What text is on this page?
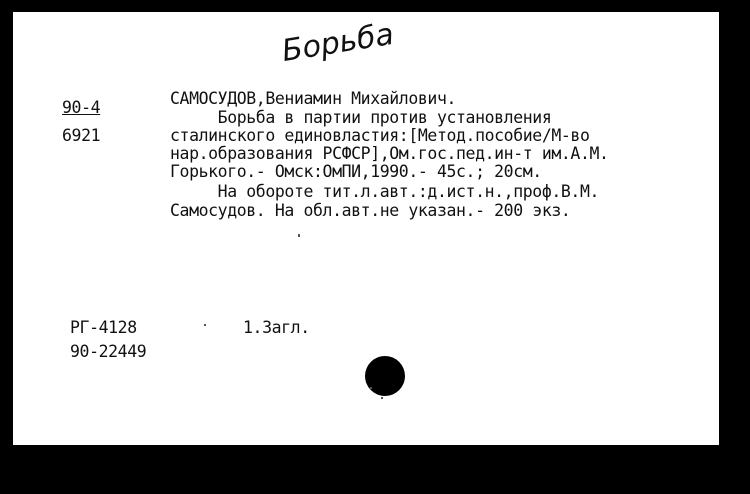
Борьба
90-4
6921
САМОСУДОВ,Вениамин Михайлович.
Борьба в партии против установления
сталинского единовластия:[Метод.пособие/М-во
нар.образования РСФСР],Ом.гос.пед.ин-т им.А.М.
Горького.- Омск:ОмПИ,1990.- 45с.; 20см.
На обороте тит.л.авт.:д.ист.н.,проф.В.М.
Самосудов. На обл.авт.не указан.- 200 экз.
РГ-4128
90-22449
1.Загл.
